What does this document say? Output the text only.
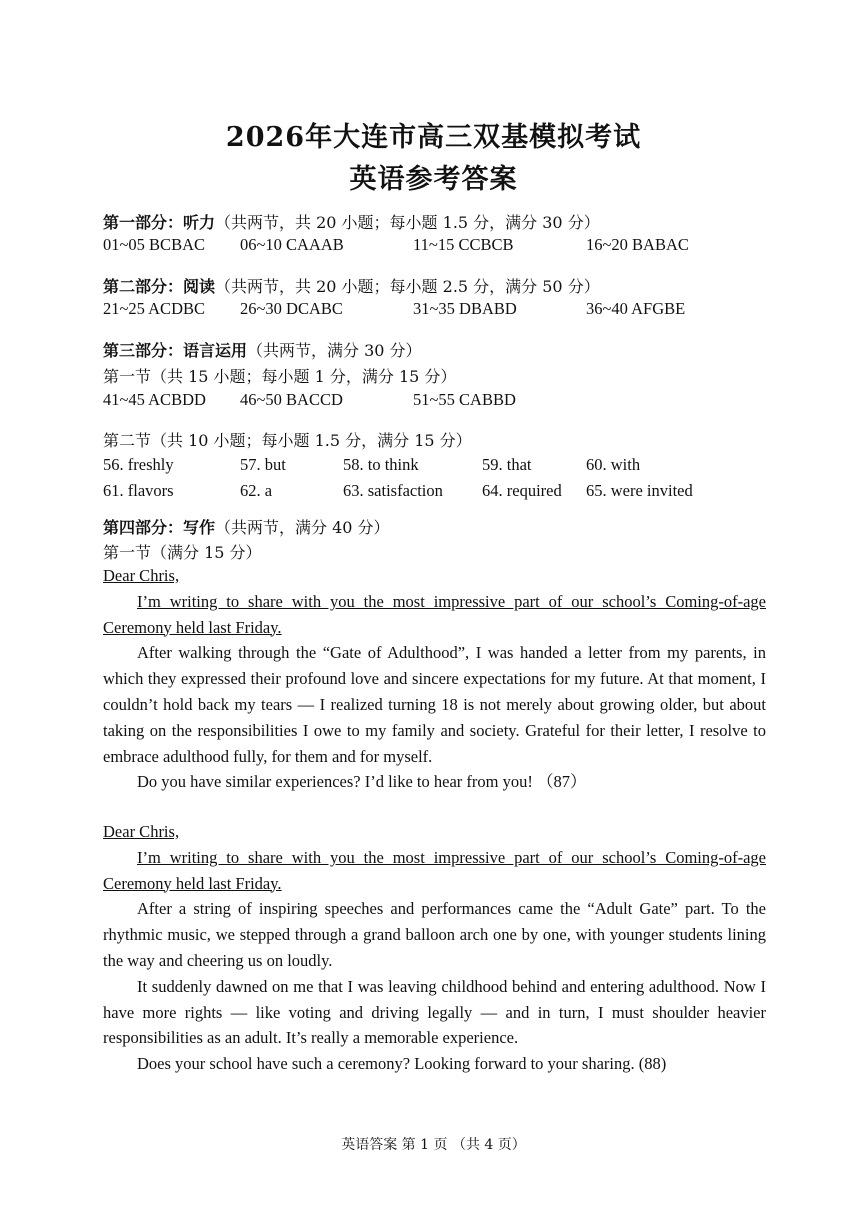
2026年大连市高三双基模拟考试
英语参考答案
第一部分：听力（共两节，共 20 小题；每小题 1.5 分，满分 30 分）
01~05 BCBAC 06~10 CAAAB	11~15 CCBCB	16~20 BABAC
第二部分：阅读（共两节，共 20 小题；每小题 2.5 分，满分 50 分）
21~25 ACDBC 26~30 DCABC	31~35 DBABD	36~40 AFGBE
第三部分：语言运用（共两节，满分 30 分）
第一节（共 15 小题；每小题 1 分，满分 15 分）
41~45 ACBDD 46~50 BACCD	51~55 CABBD
第二节（共 10 小题；每小题 1.5 分，满分 15 分）
56. freshly	57. but	58. to think	59. that	60. with
61. flavors	62. a	63. satisfaction 64. required 65. were invited
第四部分：写作（共两节，满分 40 分）
第一节（满分 15 分）

Dear Chris,

I’m writing to share with you the most impressive part of our school’s Coming-of-age Ceremony held last Friday.

After walking through the “Gate of Adulthood”, I was handed a letter from my parents, in which they expressed their profound love and sincere expectations for my future. At that moment, I couldn’t hold back my tears — I realized turning 18 is not merely about growing older, but about taking on the responsibilities I owe to my family and society. Grateful for their letter, I resolve to embrace adulthood fully, for them and for myself.

Do you have similar experiences? I’d like to hear from you! （87）

Dear Chris,

I’m writing to share with you the most impressive part of our school’s Coming-of-age Ceremony held last Friday.

After a string of inspiring speeches and performances came the “Adult Gate” part. To the rhythmic music, we stepped through a grand balloon arch one by one, with younger students lining the way and cheering us on loudly.

It suddenly dawned on me that I was leaving childhood behind and entering adulthood. Now I have more rights — like voting and driving legally — and in turn, I must shoulder heavier responsibilities as an adult. It’s really a memorable experience.

Does your school have such a ceremony? Looking forward to your sharing. (88)

英语答案 第 1 页 （共 4 页）
